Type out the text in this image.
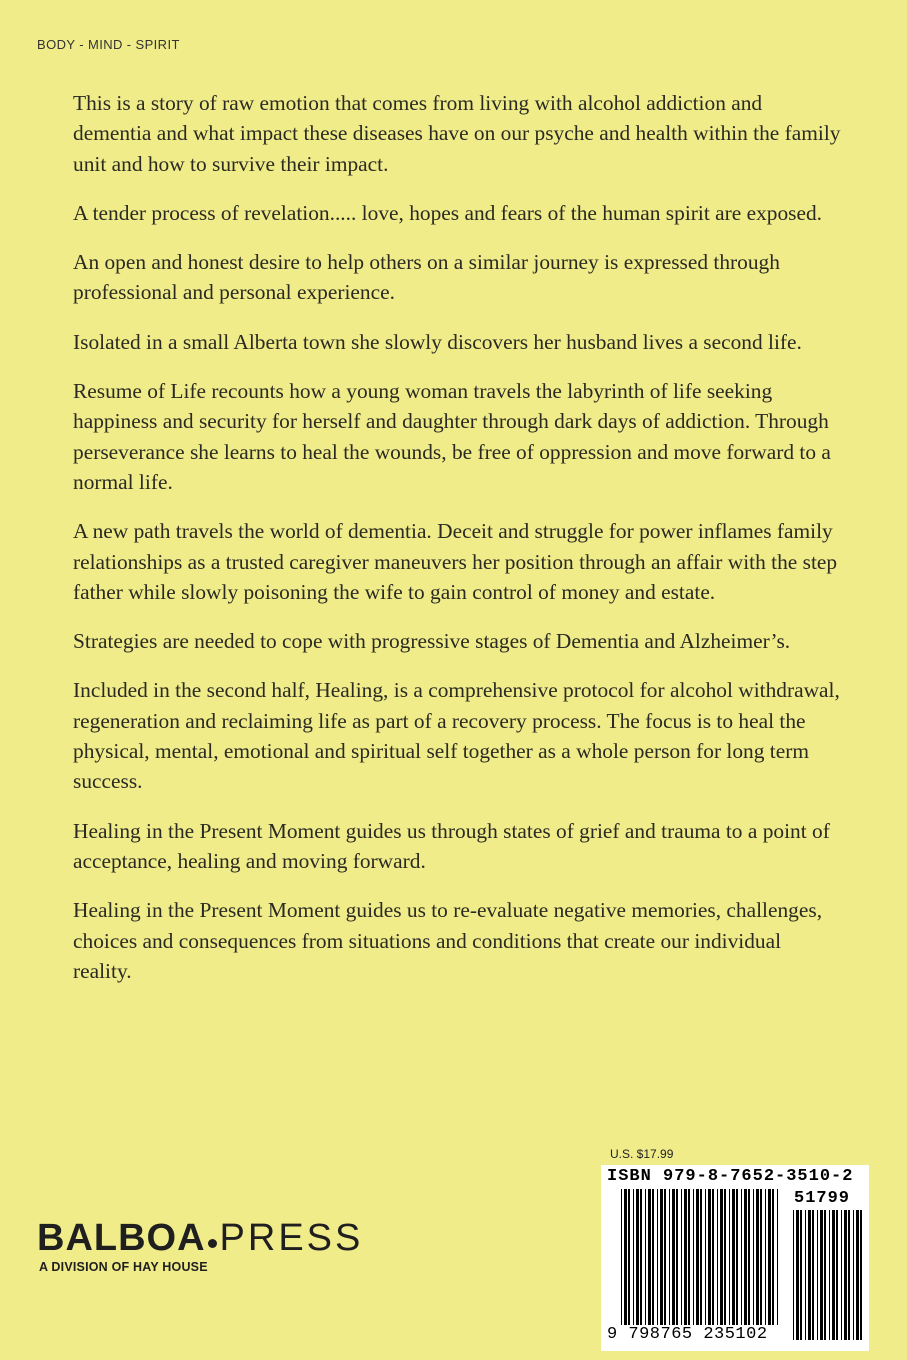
BODY - MIND - SPIRIT

This is a story of raw emotion that comes from living with alcohol addiction and dementia and what impact these diseases have on our psyche and health within the family unit and how to survive their impact.

A tender process of revelation..... love, hopes and fears of the human spirit are exposed.

An open and honest desire to help others on a similar journey is expressed through professional and personal experience.

Isolated in a small Alberta town she slowly discovers her husband lives a second life.

Resume of Life recounts how a young woman travels the labyrinth of life seeking happiness and security for herself and daughter through dark days of addiction. Through perseverance she learns to heal the wounds, be free of oppression and move forward to a normal life.

A new path travels the world of dementia. Deceit and struggle for power inflames family relationships as a trusted caregiver maneuvers her position through an affair with the step father while slowly poisoning the wife to gain control of money and estate.

Strategies are needed to cope with progressive stages of Dementia and Alzheimer’s.

Included in the second half, Healing, is a comprehensive protocol for alcohol withdrawal, regeneration and reclaiming life as part of a recovery process. The focus is to heal the physical, mental, emotional and spiritual self together as a whole person for long term success.

Healing in the Present Moment guides us through states of grief and trauma to a point of acceptance, healing and moving forward.

Healing in the Present Moment guides us to re-evaluate negative memories, challenges, choices and consequences from situations and conditions that create our individual reality.

BALBOA PRESS
A DIVISION OF HAY HOUSE
U.S. $17.99
ISBN 979-8-7652-3510-2
51799
9 798765 235102
